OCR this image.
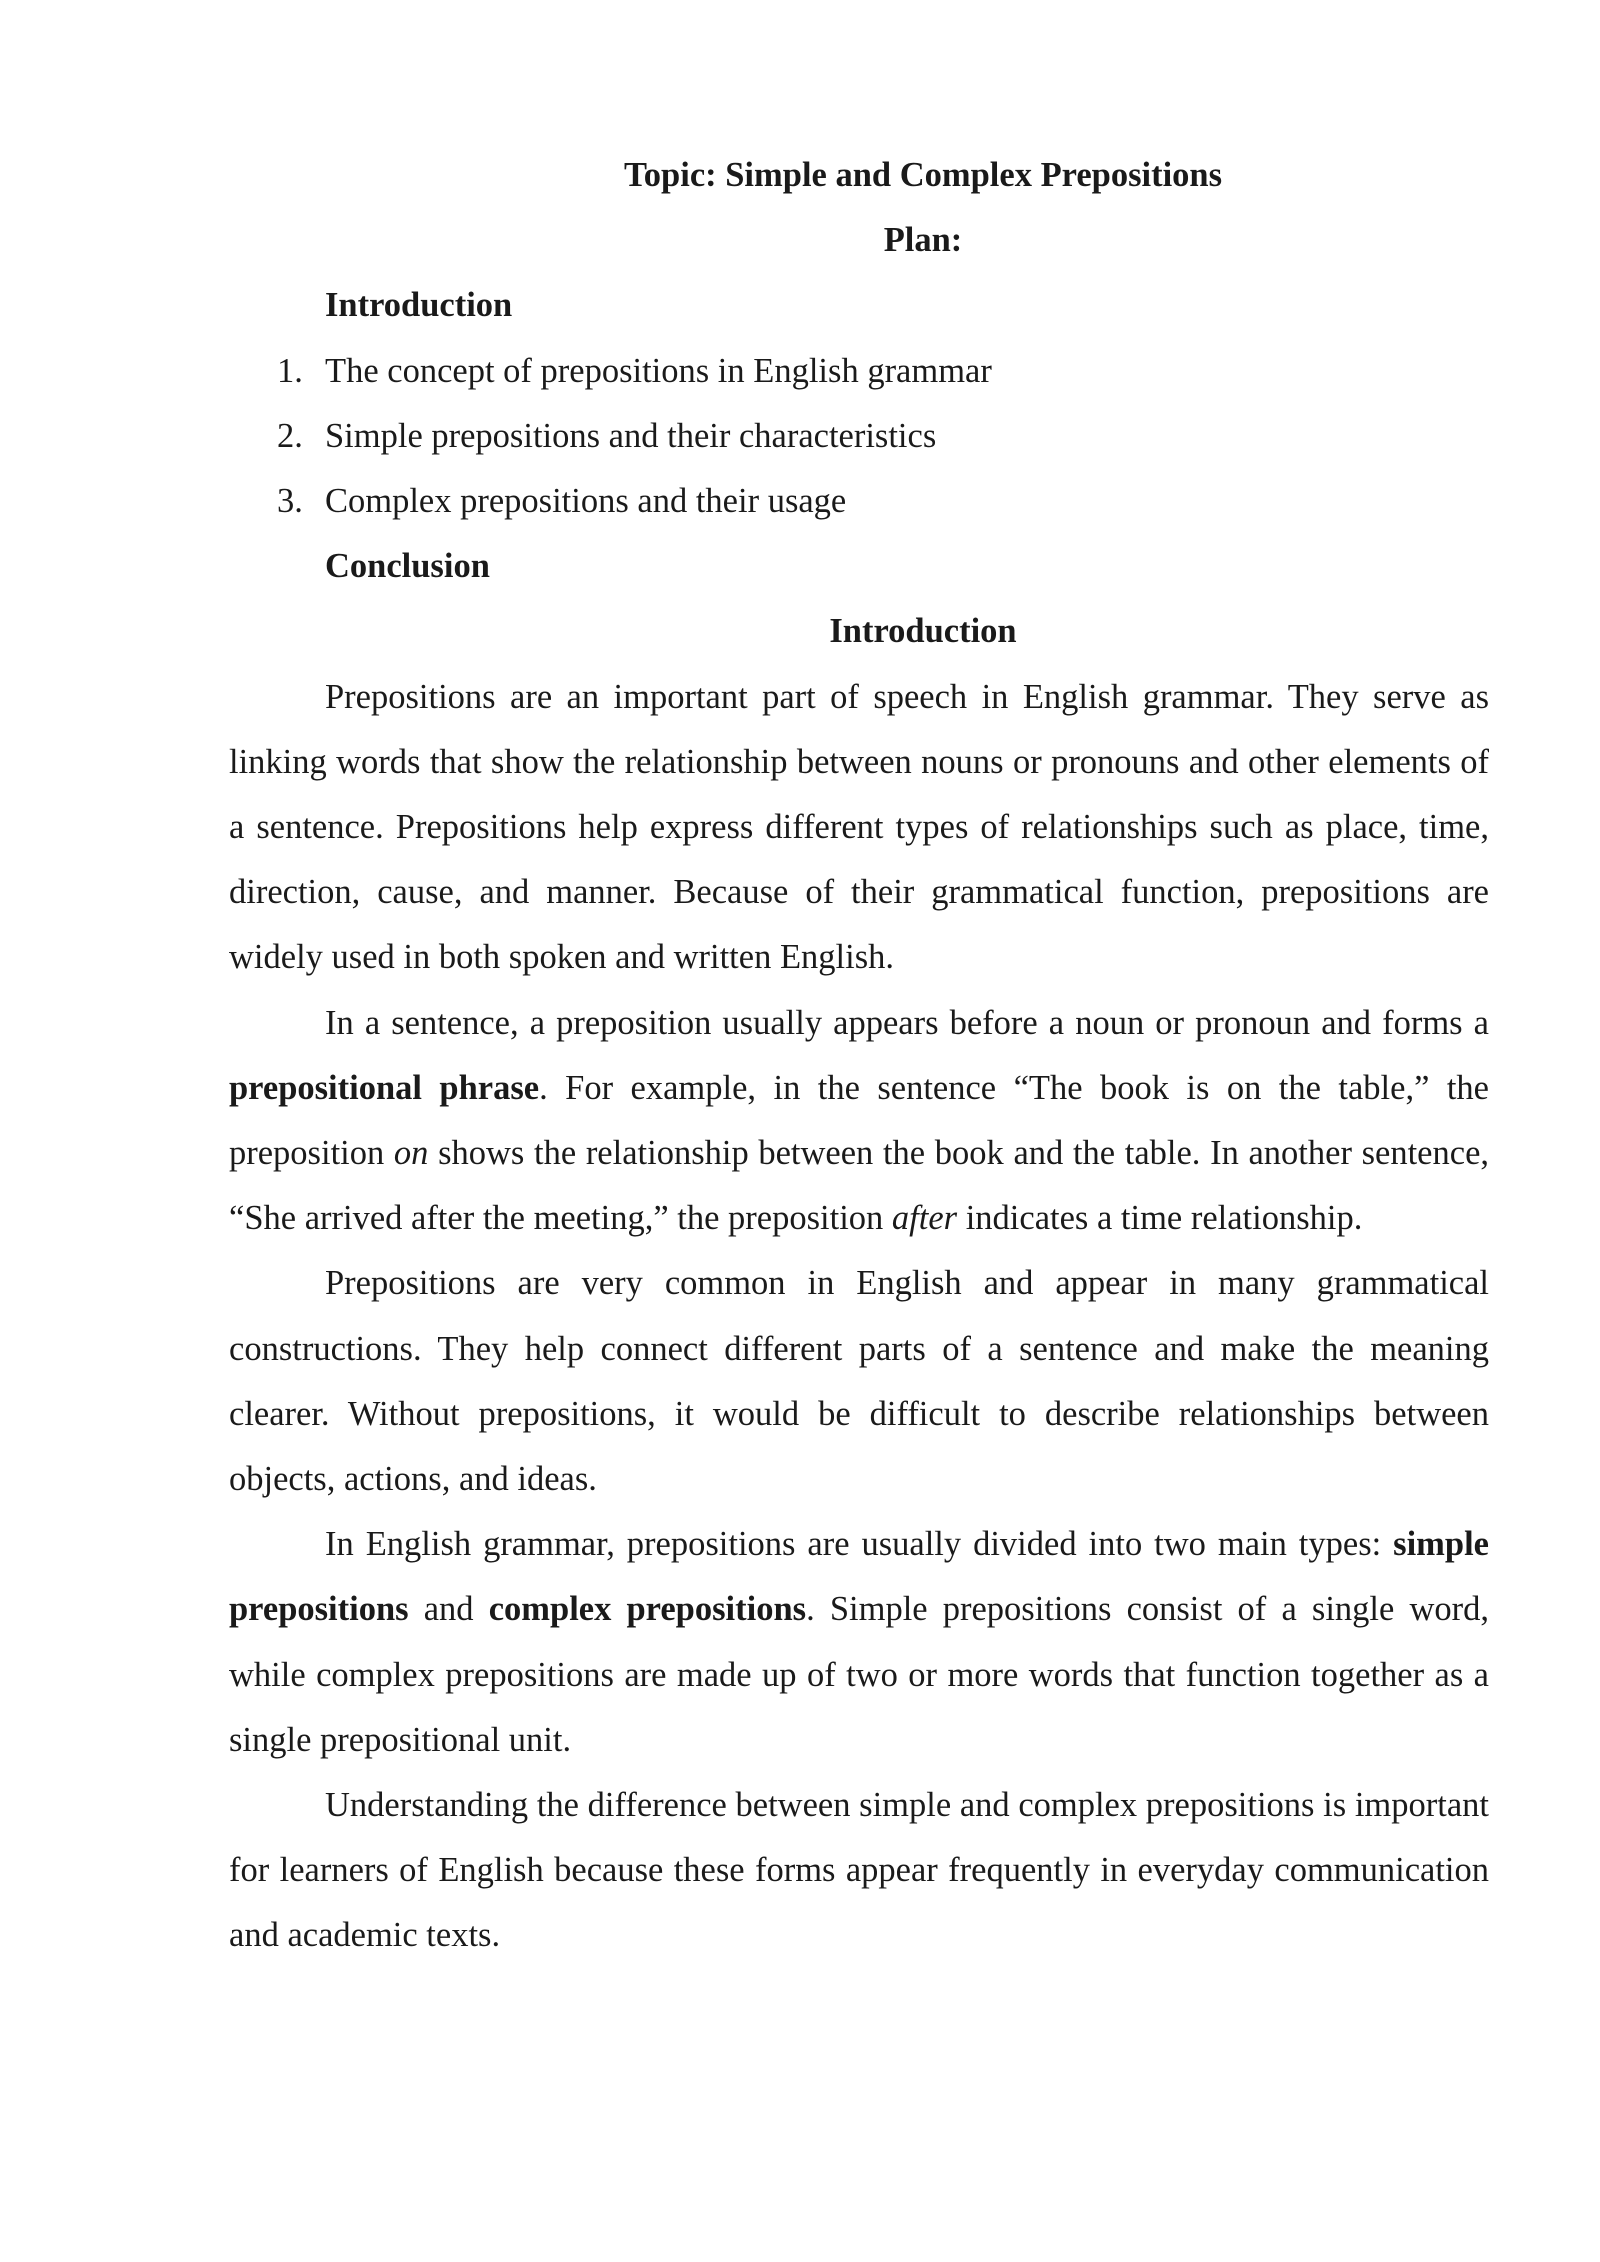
Topic: Simple and Complex Prepositions
Plan:
Introduction
1. The concept of prepositions in English grammar
2. Simple prepositions and their characteristics
3. Complex prepositions and their usage
Conclusion
Introduction

Prepositions are an important part of speech in English grammar. They serve as linking words that show the relationship between nouns or pronouns and other elements of a sentence. Prepositions help express different types of relationships such as place, time, direction, cause, and manner. Because of their grammatical function, prepositions are widely used in both spoken and written English.

In a sentence, a preposition usually appears before a noun or pronoun and forms a prepositional phrase. For example, in the sentence “The book is on the table,” the preposition on shows the relationship between the book and the table. In another sentence, “She arrived after the meeting,” the preposition after indicates a time relationship.

Prepositions are very common in English and appear in many grammatical constructions. They help connect different parts of a sentence and make the meaning clearer. Without prepositions, it would be difficult to describe relationships between objects, actions, and ideas.

In English grammar, prepositions are usually divided into two main types: simple prepositions and complex prepositions. Simple prepositions consist of a single word, while complex prepositions are made up of two or more words that function together as a single prepositional unit.

Understanding the difference between simple and complex prepositions is important for learners of English because these forms appear frequently in everyday communication and academic texts.
